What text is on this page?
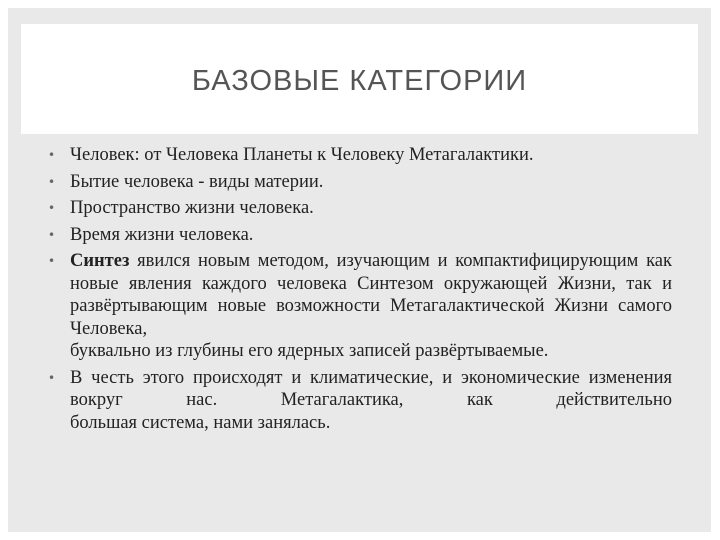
БАЗОВЫЕ КАТЕГОРИИ
• Человек: от Человека Планеты к Человеку Метагалактики.
• Бытие человека - виды материи.
• Пространство жизни человека.
• Время жизни человека.
• Синтез явился новым методом, изучающим и компактифицирующим как новые явления каждого человека Синтезом окружающей Жизни, так и развёртывающим новые возможности Метагалактической Жизни самого Человека,
буквально из глубины его ядерных записей развёртываемые.
• В честь этого происходят и климатические, и экономические изменения вокруг нас. Метагалактика, как действительно
большая система, нами занялась.
